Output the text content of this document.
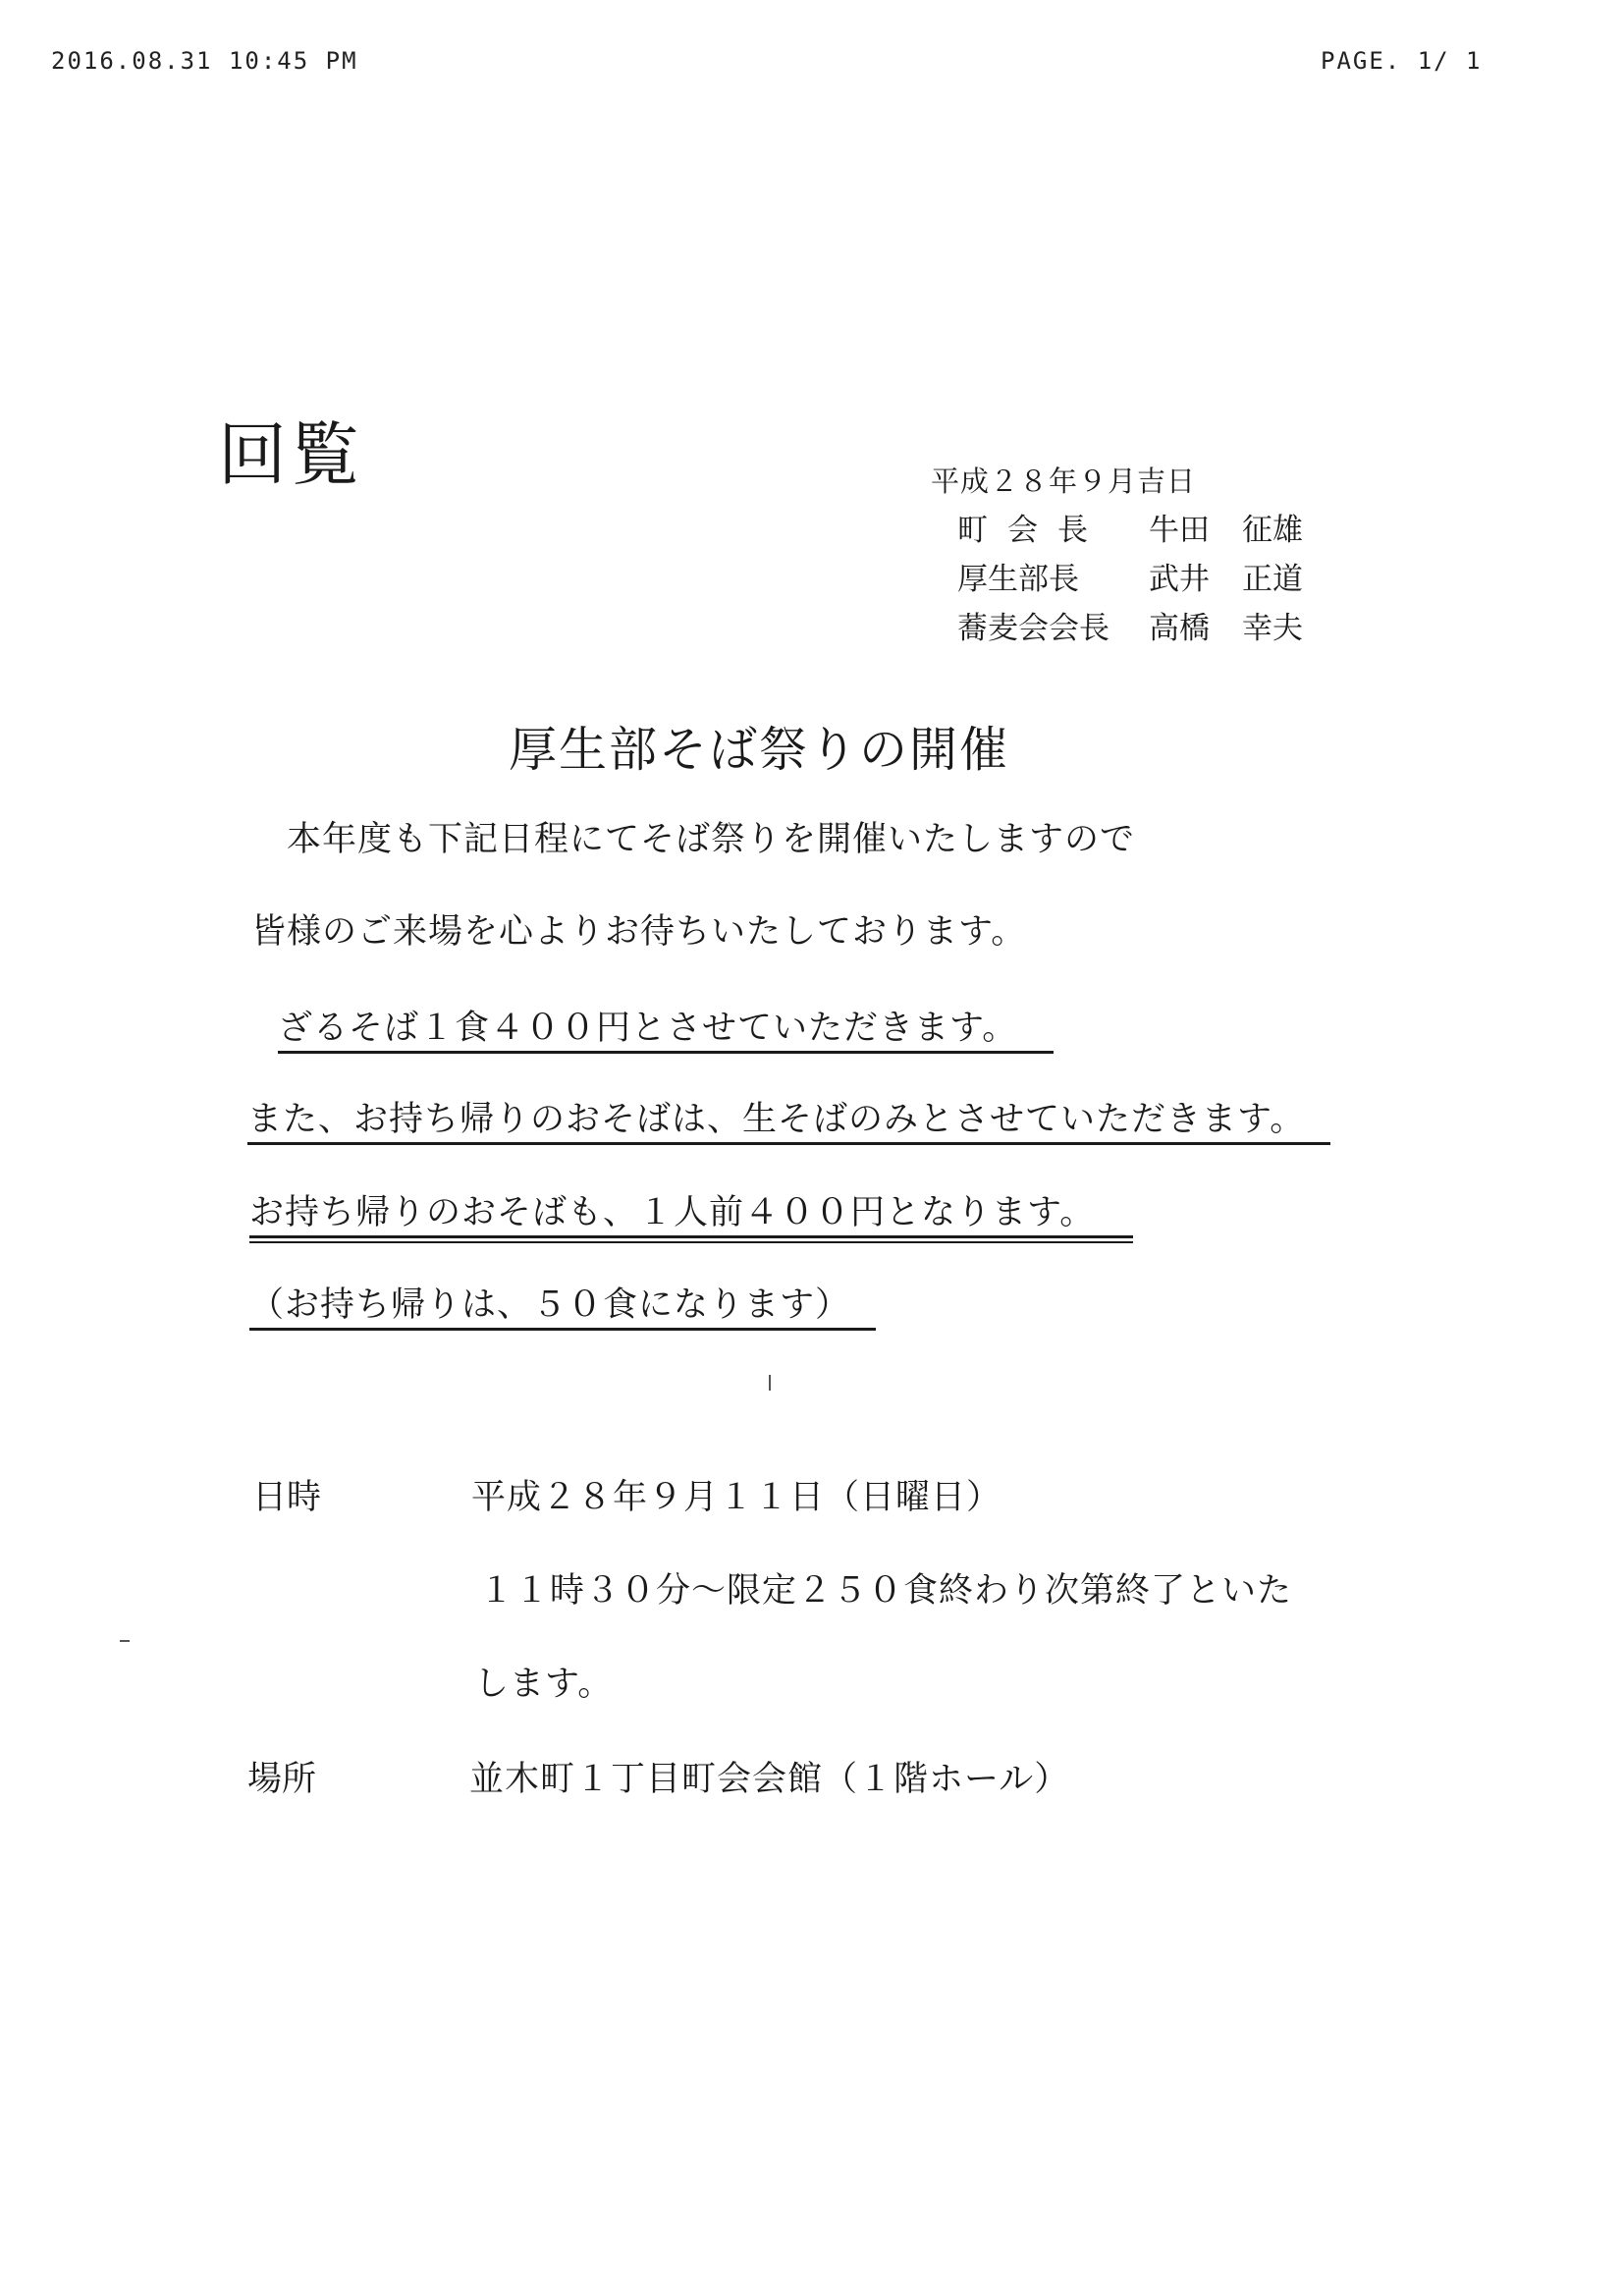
2016.08.31 10:45 PM	PAGE. 1/ 1
回覧	平成２８年９月吉日
町会長 牛田 征雄
厚生部長 武井 正道
蕎麦会会長 高橋 幸夫
厚生部そば祭りの開催
本年度も下記日程にてそば祭りを開催いたしますので
皆様のご来場を心よりお待ちいたしております。
ざるそば１食４００円とさせていただきます。
また、お持ち帰りのおそばは、生そばのみとさせていただきます。
お持ち帰りのおそばも、１人前４００円となります。
（お持ち帰りは、５０食になります）
日時	平成２８年９月１１日（日曜日）
１１時３０分〜限定２５０食終わり次第終了といた
します。
場所	並木町１丁目町会会館（１階ホール）
